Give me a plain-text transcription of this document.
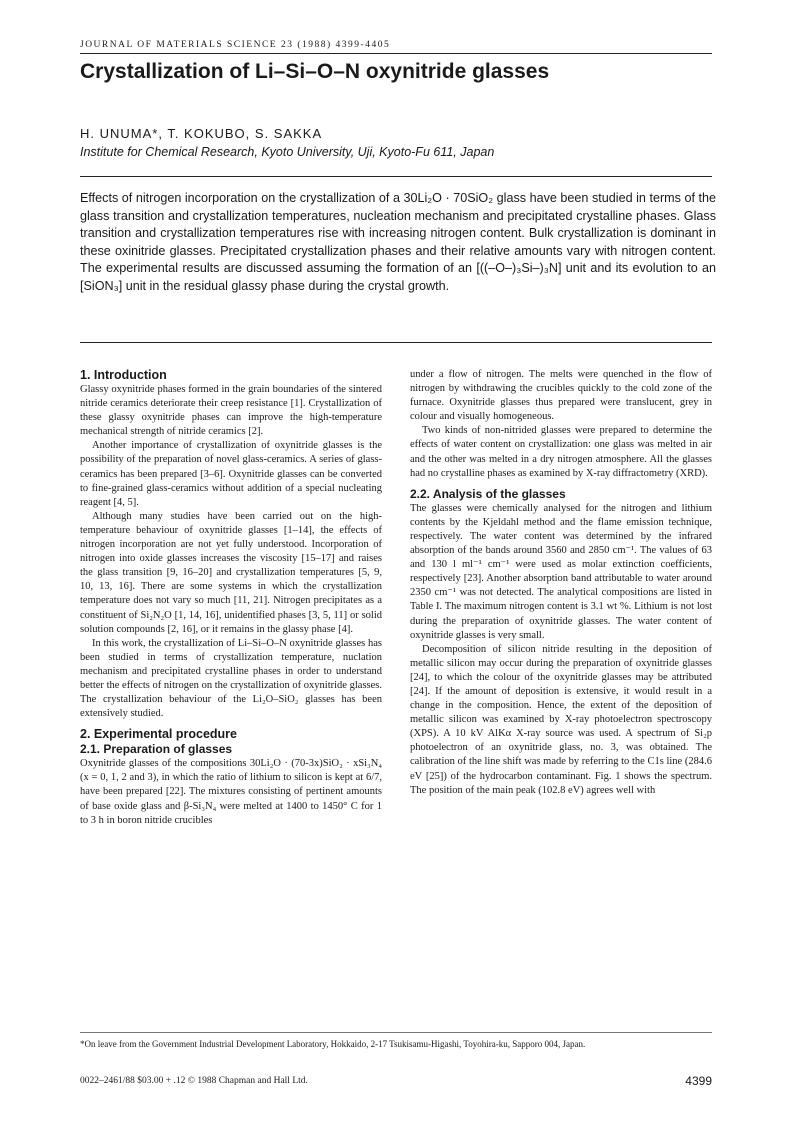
JOURNAL OF MATERIALS SCIENCE 23 (1988) 4399-4405
Crystallization of Li–Si–O–N oxynitride glasses
H. UNUMA*, T. KOKUBO, S. SAKKA
Institute for Chemical Research, Kyoto University, Uji, Kyoto-Fu 611, Japan

Effects of nitrogen incorporation on the crystallization of a 30Li₂O · 70SiO₂ glass have been studied in terms of the glass transition and crystallization temperatures, nucleation mechanism and precipitated crystalline phases. Glass transition and crystallization temperatures rise with increasing nitrogen content. Bulk crystallization is dominant in these oxinitride glasses. Precipitated crystallization phases and their relative amounts vary with nitrogen content. The experimental results are discussed assuming the formation of an [((–O–)₃Si–)₃N] unit and its evolution to an [SiON₃] unit in the residual glassy phase during the crystal growth.

1. Introduction

Glassy oxynitride phases formed in the grain boundaries of the sintered nitride ceramics deteriorate their creep resistance [1]. Crystallization of these glassy oxynitride phases can improve the high-temperature mechanical strength of nitride ceramics [2].

Another importance of crystallization of oxynitride glasses is the possibility of the preparation of novel glass-ceramics. A series of glass-ceramics has been prepared [3–6]. Oxynitride glasses can be converted to fine-grained glass-ceramics without addition of a special nucleating reagent [4, 5].

Although many studies have been carried out on the high-temperature behaviour of oxynitride glasses [1–14], the effects of nitrogen incorporation are not yet fully understood. Incorporation of nitrogen into oxide glasses increases the viscosity [15–17] and raises the glass transition [9, 16–20] and crystallization temperatures [5, 9, 10, 13, 16]. There are some systems in which the crystallization temperature does not vary so much [11, 21]. Nitrogen precipitates as a constituent of Si₂N₂O [1, 14, 16], unidentified phases [3, 5, 11] or solid solution compounds [2, 16], or it remains in the glassy phase [4].

In this work, the crystallization of Li–Si–O–N oxynitride glasses has been studied in terms of crystallization temperature, nuclation mechanism and precipitated crystalline phases in order to understand better the effects of nitrogen on the crystallization of oxynitride glasses. The crystallization behaviour of the Li₂O–SiO₂ glasses has been extensively studied.

2. Experimental procedure
2.1. Preparation of glasses

Oxynitride glasses of the compositions 30Li₂O · (70-3x)SiO₂ · xSi₃N₄ (x = 0, 1, 2 and 3), in which the ratio of lithium to silicon is kept at 6/7, have been prepared [22]. The mixtures consisting of pertinent amounts of base oxide glass and β-Si₃N₄ were melted at 1400 to 1450° C for 1 to 3 h in boron nitride crucibles

under a flow of nitrogen. The melts were quenched in the flow of nitrogen by withdrawing the crucibles quickly to the cold zone of the furnace. Oxynitride glasses thus prepared were translucent, grey in colour and visually homogeneous.

Two kinds of non-nitrided glasses were prepared to determine the effects of water content on crystallization: one glass was melted in air and the other was melted in a dry nitrogen atmosphere. All the glasses had no crystalline phases as examined by X-ray diffractometry (XRD).

2.2. Analysis of the glasses

The glasses were chemically analysed for the nitrogen and lithium contents by the Kjeldahl method and the flame emission technique, respectively. The water content was determined by the infrared absorption of the bands around 3560 and 2850 cm⁻¹. The values of 63 and 130 l ml⁻¹ cm⁻¹ were used as molar extinction coefficients, respectively [23]. Another absorption band attributable to water around 2350 cm⁻¹ was not detected. The analytical compositions are listed in Table I. The maximum nitrogen content is 3.1 wt %. Lithium is not lost during the preparation of oxynitride glasses. The water content of oxynitride glasses is very small.

Decomposition of silicon nitride resulting in the deposition of metallic silicon may occur during the preparation of oxynitride glasses [24], to which the colour of the oxynitride glasses may be attributed [24]. If the amount of deposition is extensive, it would result in a change in the composition. Hence, the extent of the deposition of metallic silicon was examined by X-ray photoelectron spectroscopy (XPS). A 10 kV AlKα X-ray source was used. A spectrum of Si₂p photoelectron of an oxynitride glass, no. 3, was obtained. The calibration of the line shift was made by referring to the C1s line (284.6 eV [25]) of the hydrocarbon contaminant. Fig. 1 shows the spectrum. The position of the main peak (102.8 eV) agrees well with

*On leave from the Government Industrial Development Laboratory, Hokkaido, 2-17 Tsukisamu-Higashi, Toyohira-ku, Sapporo 004, Japan.

0022–2461/88 $03.00 + .12 © 1988 Chapman and Hall Ltd.	4399
